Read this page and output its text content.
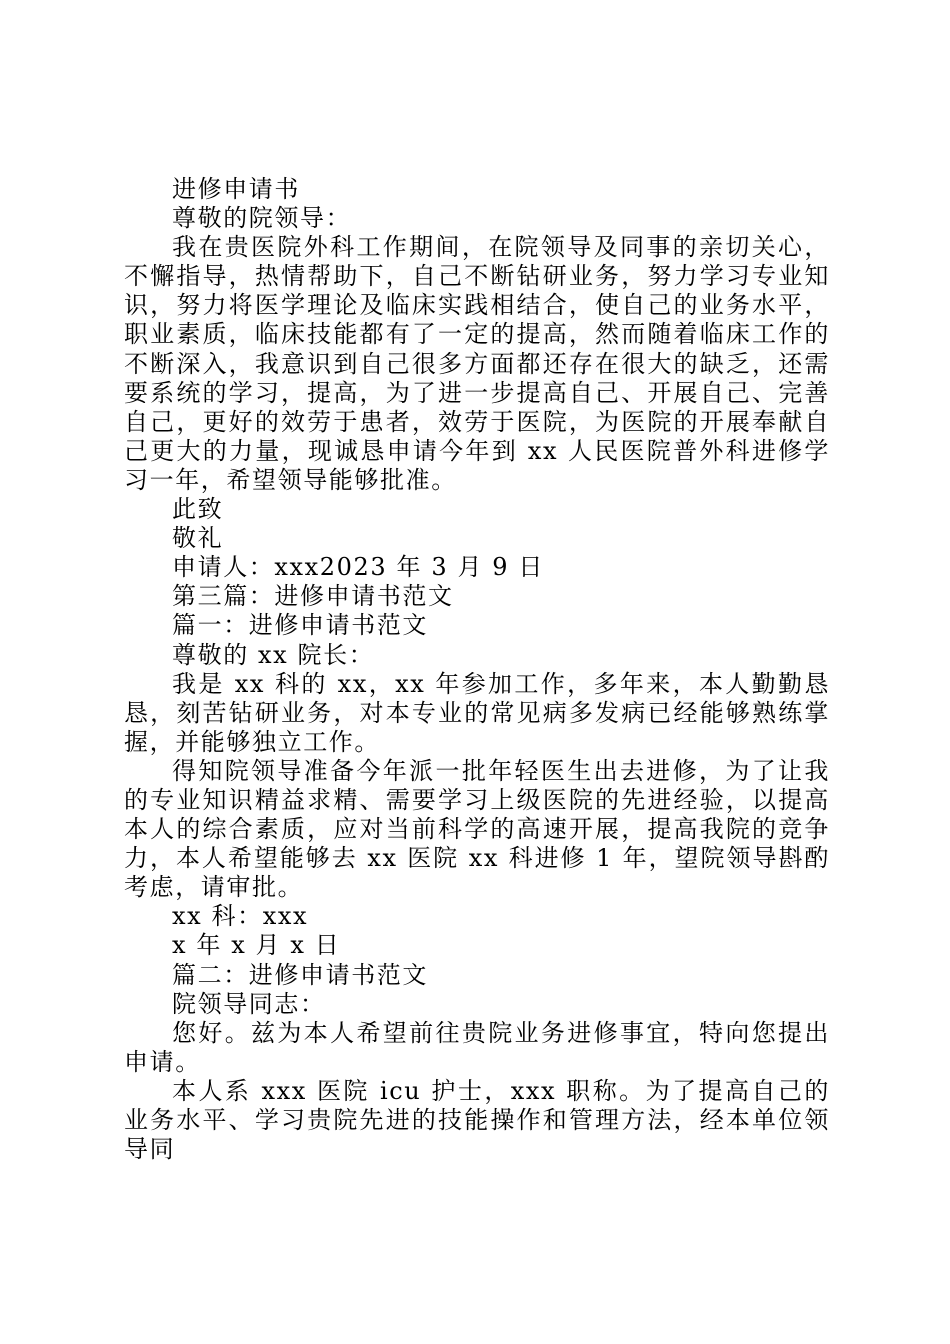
进修申请书

尊敬的院领导：

我在贵医院外科工作期间，在院领导及同事的亲切关心，不懈指导，热情帮助下，自己不断钻研业务，努力学习专业知识，努力将医学理论及临床实践相结合，使自己的业务水平，职业素质，临床技能都有了一定的提高，然而随着临床工作的不断深入，我意识到自己很多方面都还存在很大的缺乏，还需要系统的学习，提高，为了进一步提高自己、开展自己、完善自己，更好的效劳于患者，效劳于医院，为医院的开展奉献自己更大的力量，现诚恳申请今年到 xx 人民医院普外科进修学习一年，希望领导能够批准。

此致

敬礼

申请人：xxx2023 年 3 月 9 日

第三篇：进修申请书范文

篇一：进修申请书范文

尊敬的 xx 院长：

我是 xx 科的 xx，xx 年参加工作，多年来，本人勤勤恳恳，刻苦钻研业务，对本专业的常见病多发病已经能够熟练掌握，并能够独立工作。

得知院领导准备今年派一批年轻医生出去进修，为了让我的专业知识精益求精、需要学习上级医院的先进经验，以提高本人的综合素质，应对当前科学的高速开展，提高我院的竞争力，本人希望能够去 xx 医院 xx 科进修 1 年，望院领导斟酌考虑，请审批。

xx 科：xxx

x 年 x 月 x 日

篇二：进修申请书范文

院领导同志：

您好。兹为本人希望前往贵院业务进修事宜，特向您提出申请。

本人系 xxx 医院 icu 护士，xxx 职称。为了提高自己的业务水平、学习贵院先进的技能操作和管理方法，经本单位领导同
